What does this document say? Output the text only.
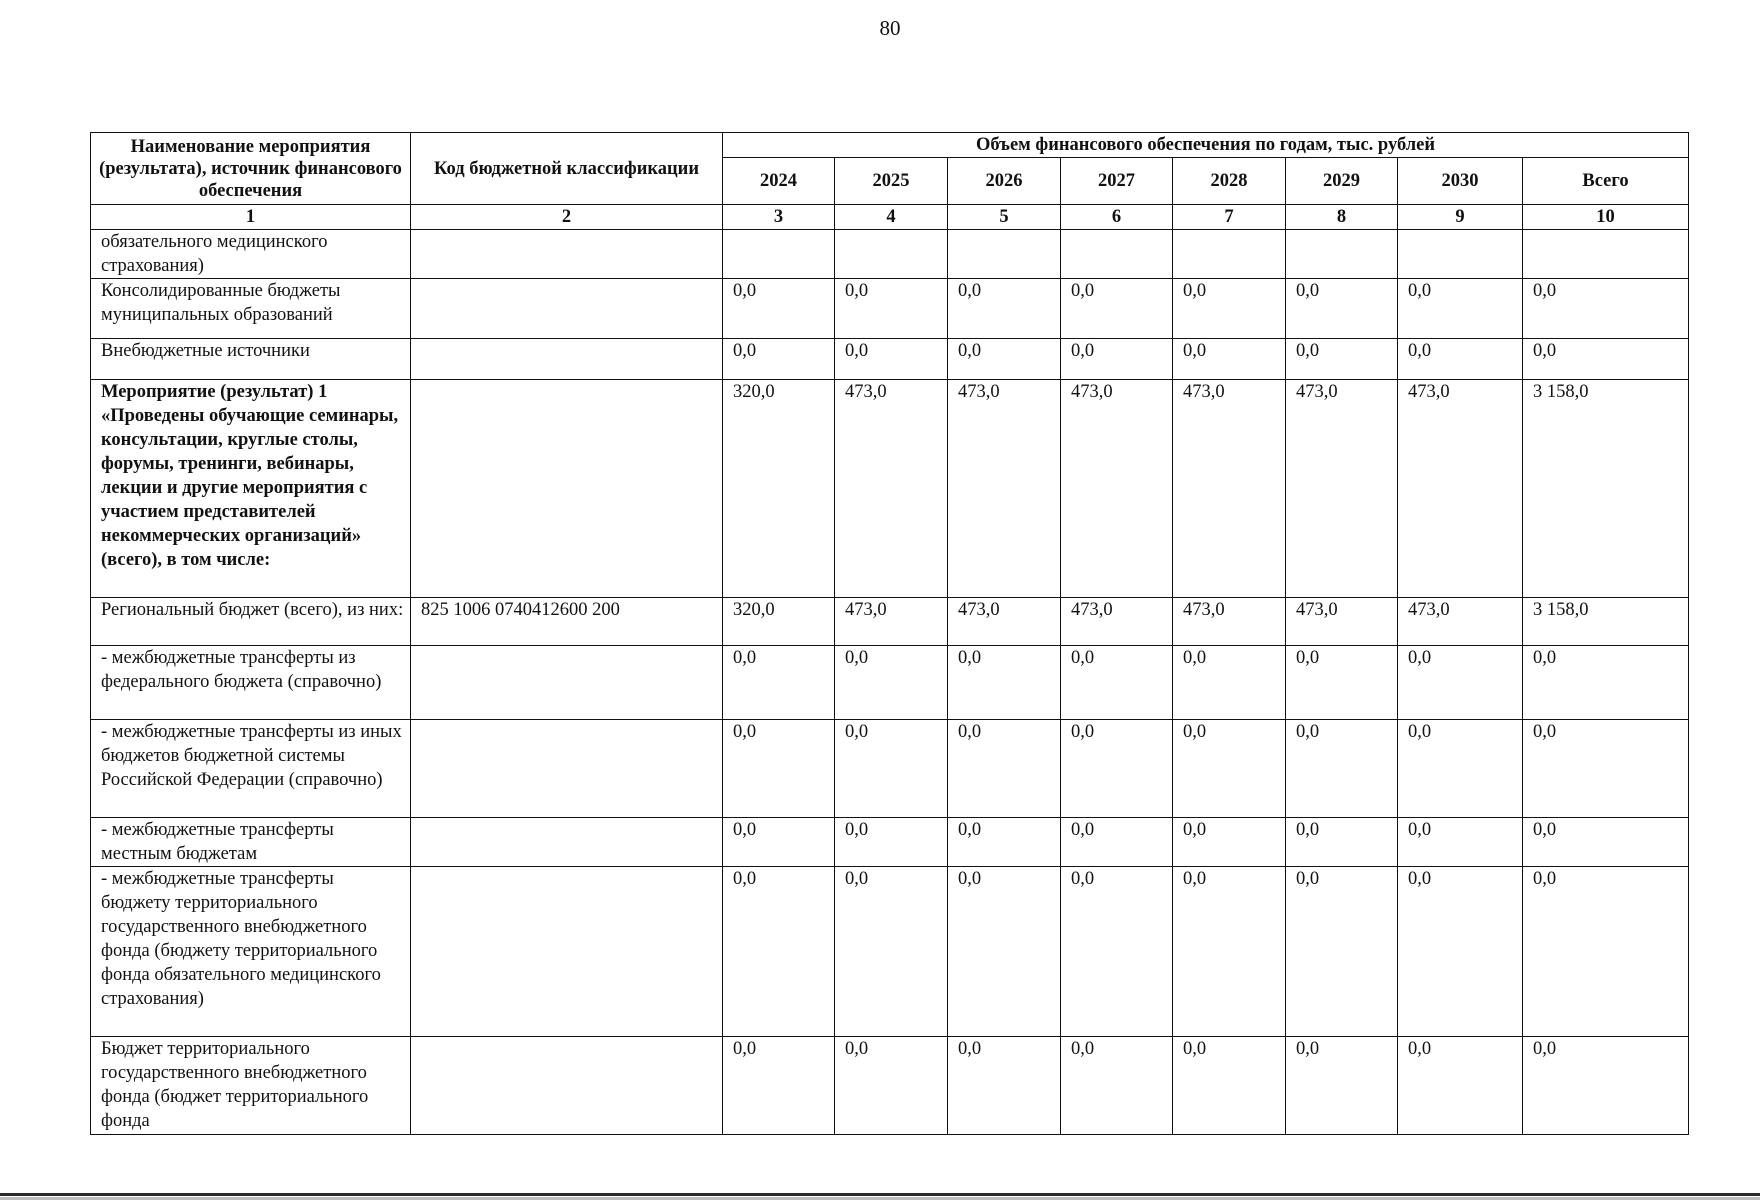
80
Наименование мероприятия (результата), источник финансового обеспечения	Код бюджетной классификации	Объем финансового обеспечения по годам, тыс. рублей							
		2024	2025	2026	2027	2028	2029	2030	Всего
1	2	3	4	5	6	7	8	9	10
обязательного медицинского страхования)									
Консолидированные бюджеты муниципальных образований		0,0	0,0	0,0	0,0	0,0	0,0	0,0	0,0
Внебюджетные источники		0,0	0,0	0,0	0,0	0,0	0,0	0,0	0,0
Мероприятие (результат) 1 «Проведены обучающие семинары, консультации, круглые столы, форумы, тренинги, вебинары, лекции и другие мероприятия с участием представителей некоммерческих организаций» (всего), в том числе:		320,0	473,0	473,0	473,0	473,0	473,0	473,0	3 158,0
Региональный бюджет (всего), из них:	825 1006 0740412600 200	320,0	473,0	473,0	473,0	473,0	473,0	473,0	3 158,0
- межбюджетные трансферты из федерального бюджета (справочно)		0,0	0,0	0,0	0,0	0,0	0,0	0,0	0,0
- межбюджетные трансферты из иных бюджетов бюджетной системы Российской Федерации (справочно)		0,0	0,0	0,0	0,0	0,0	0,0	0,0	0,0
- межбюджетные трансферты местным бюджетам		0,0	0,0	0,0	0,0	0,0	0,0	0,0	0,0
- межбюджетные трансферты бюджету территориального государственного внебюджетного фонда (бюджету территориального фонда обязательного медицинского страхования)		0,0	0,0	0,0	0,0	0,0	0,0	0,0	0,0
Бюджет территориального государственного внебюджетного фонда (бюджет территориального фонда		0,0	0,0	0,0	0,0	0,0	0,0	0,0	0,0
